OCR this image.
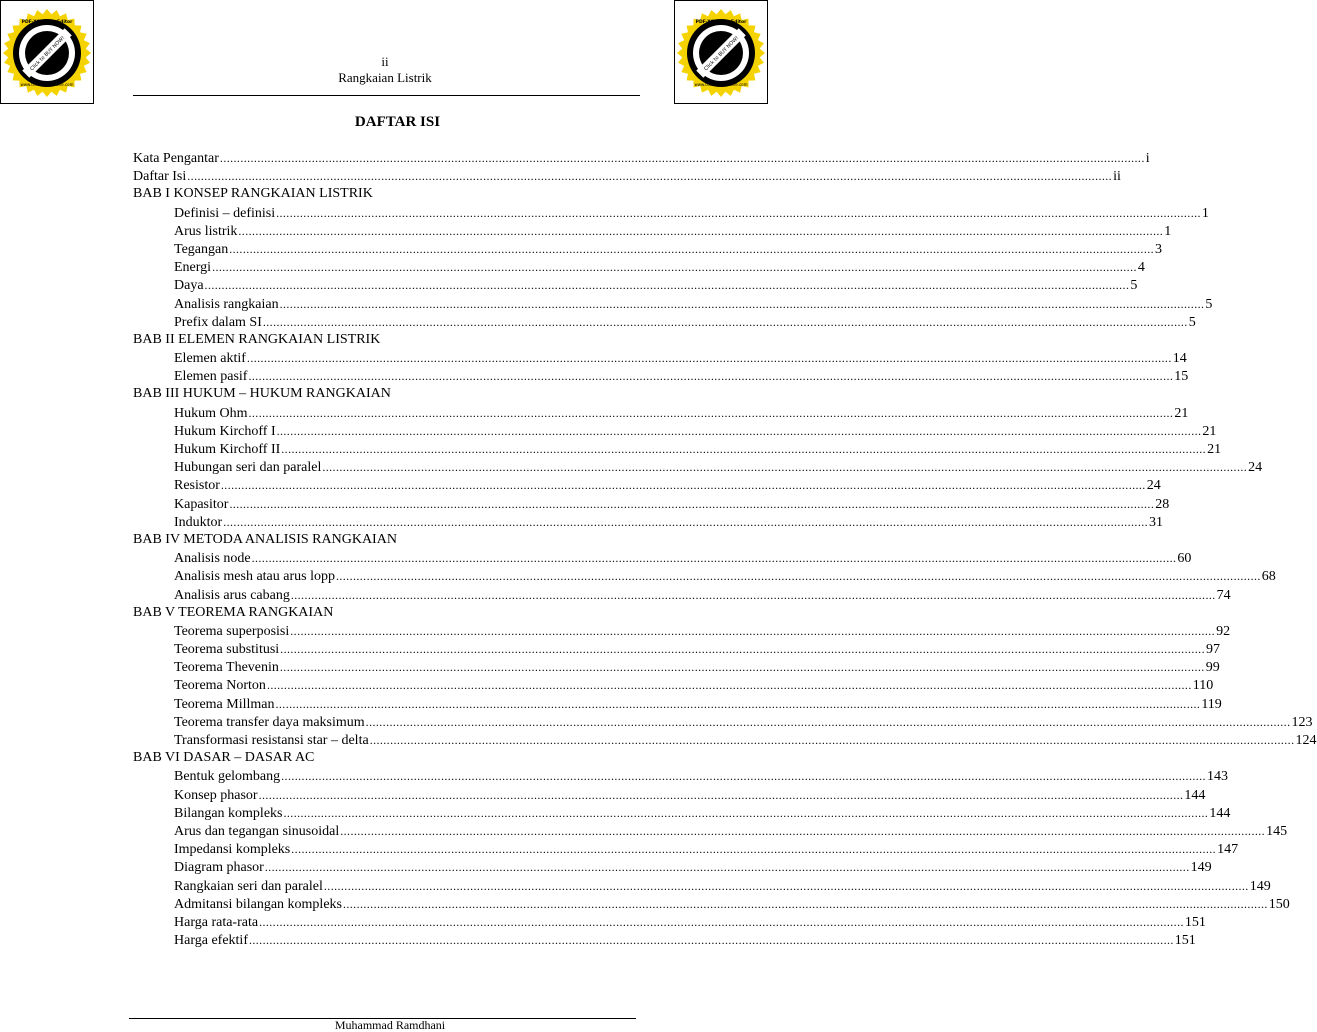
Click to BUY NOW!
PDF-XChange Editor
www.tracker-software.com
Click to BUY NOW!
PDF-XChange Editor
www.tracker-software.com
ii
Rangkaian Listrik
DAFTAR ISI
Kata Pengantar .....	i
Daftar Isi .....	ii
BAB I KONSEP RANGKAIAN LISTRIK
Definisi – definisi .....	1
Arus listrik .....	1
Tegangan .....	3
Energi .....	4
Daya .....	5
Analisis rangkaian .....	5
Prefix dalam SI .....	5
BAB II ELEMEN RANGKAIAN LISTRIK
Elemen aktif .....	14
Elemen pasif .....	15
BAB III HUKUM – HUKUM RANGKAIAN
Hukum Ohm .....	21
Hukum Kirchoff I .....	21
Hukum Kirchoff II .....	21
Hubungan seri dan paralel .....	24
Resistor .....	24
Kapasitor .....	28
Induktor .....	31
BAB IV METODA ANALISIS RANGKAIAN
Analisis node .....	60
Analisis mesh atau arus lopp .....	68
Analisis arus cabang .....	74
BAB V TEOREMA RANGKAIAN
Teorema superposisi .....	92
Teorema substitusi .....	97
Teorema Thevenin .....	99
Teorema Norton .....	110
Teorema Millman .....	119
Teorema transfer daya maksimum .....	123
Transformasi resistansi star – delta .....	124
BAB VI DASAR – DASAR AC
Bentuk gelombang .....	143
Konsep phasor .....	144
Bilangan kompleks .....	144
Arus dan tegangan sinusoidal .....	145
Impedansi kompleks .....	147
Diagram phasor .....	149
Rangkaian seri dan paralel .....	149
Admitansi bilangan kompleks .....	150
Harga rata-rata .....	151
Harga efektif .....	151
Muhammad Ramdhani
